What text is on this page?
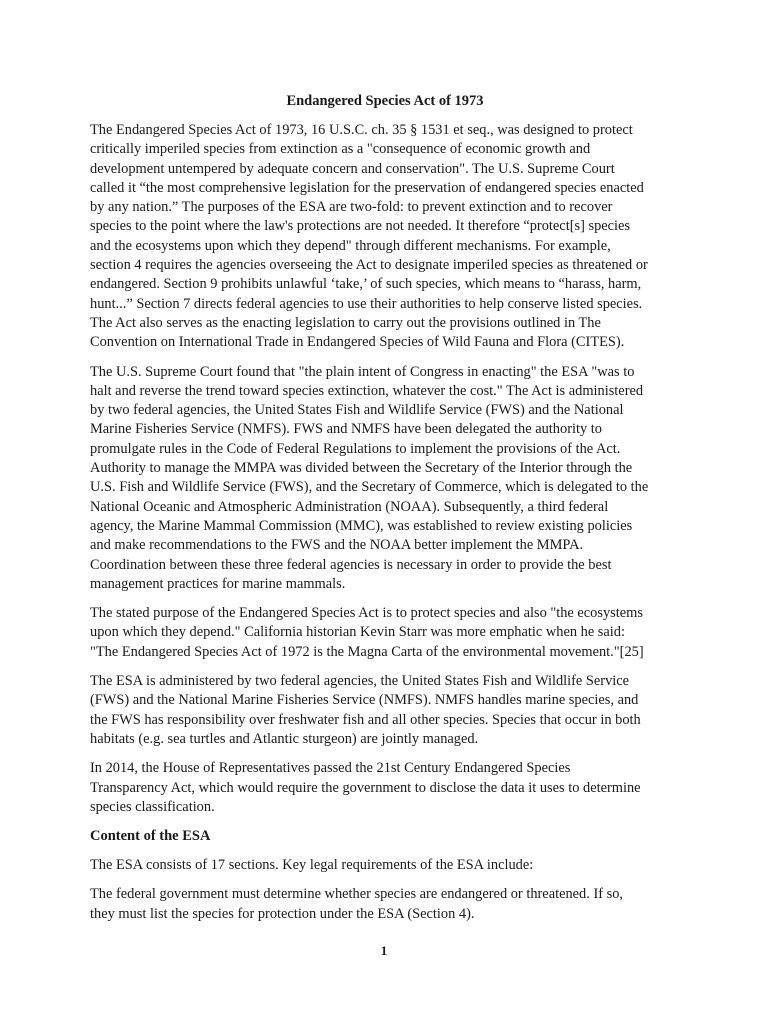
Endangered Species Act of 1973

The Endangered Species Act of 1973, 16 U.S.C. ch. 35 § 1531 et seq., was designed to protect
critically imperiled species from extinction as a "consequence of economic growth and
development untempered by adequate concern and conservation". The U.S. Supreme Court
called it “the most comprehensive legislation for the preservation of endangered species enacted
by any nation.” The purposes of the ESA are two-fold: to prevent extinction and to recover
species to the point where the law's protections are not needed. It therefore “protect[s] species
and the ecosystems upon which they depend" through different mechanisms. For example,
section 4 requires the agencies overseeing the Act to designate imperiled species as threatened or
endangered. Section 9 prohibits unlawful ‘take,’ of such species, which means to “harass, harm,
hunt...” Section 7 directs federal agencies to use their authorities to help conserve listed species.
The Act also serves as the enacting legislation to carry out the provisions outlined in The
Convention on International Trade in Endangered Species of Wild Fauna and Flora (CITES).

The U.S. Supreme Court found that "the plain intent of Congress in enacting" the ESA "was to
halt and reverse the trend toward species extinction, whatever the cost." The Act is administered
by two federal agencies, the United States Fish and Wildlife Service (FWS) and the National
Marine Fisheries Service (NMFS). FWS and NMFS have been delegated the authority to
promulgate rules in the Code of Federal Regulations to implement the provisions of the Act.
Authority to manage the MMPA was divided between the Secretary of the Interior through the
U.S. Fish and Wildlife Service (FWS), and the Secretary of Commerce, which is delegated to the
National Oceanic and Atmospheric Administration (NOAA). Subsequently, a third federal
agency, the Marine Mammal Commission (MMC), was established to review existing policies
and make recommendations to the FWS and the NOAA better implement the MMPA.
Coordination between these three federal agencies is necessary in order to provide the best
management practices for marine mammals.

The stated purpose of the Endangered Species Act is to protect species and also "the ecosystems
upon which they depend." California historian Kevin Starr was more emphatic when he said:
"The Endangered Species Act of 1972 is the Magna Carta of the environmental movement."[25]

The ESA is administered by two federal agencies, the United States Fish and Wildlife Service
(FWS) and the National Marine Fisheries Service (NMFS). NMFS handles marine species, and
the FWS has responsibility over freshwater fish and all other species. Species that occur in both
habitats (e.g. sea turtles and Atlantic sturgeon) are jointly managed.

In 2014, the House of Representatives passed the 21st Century Endangered Species
Transparency Act, which would require the government to disclose the data it uses to determine
species classification.

Content of the ESA

The ESA consists of 17 sections. Key legal requirements of the ESA include:

The federal government must determine whether species are endangered or threatened. If so,
they must list the species for protection under the ESA (Section 4).

1
